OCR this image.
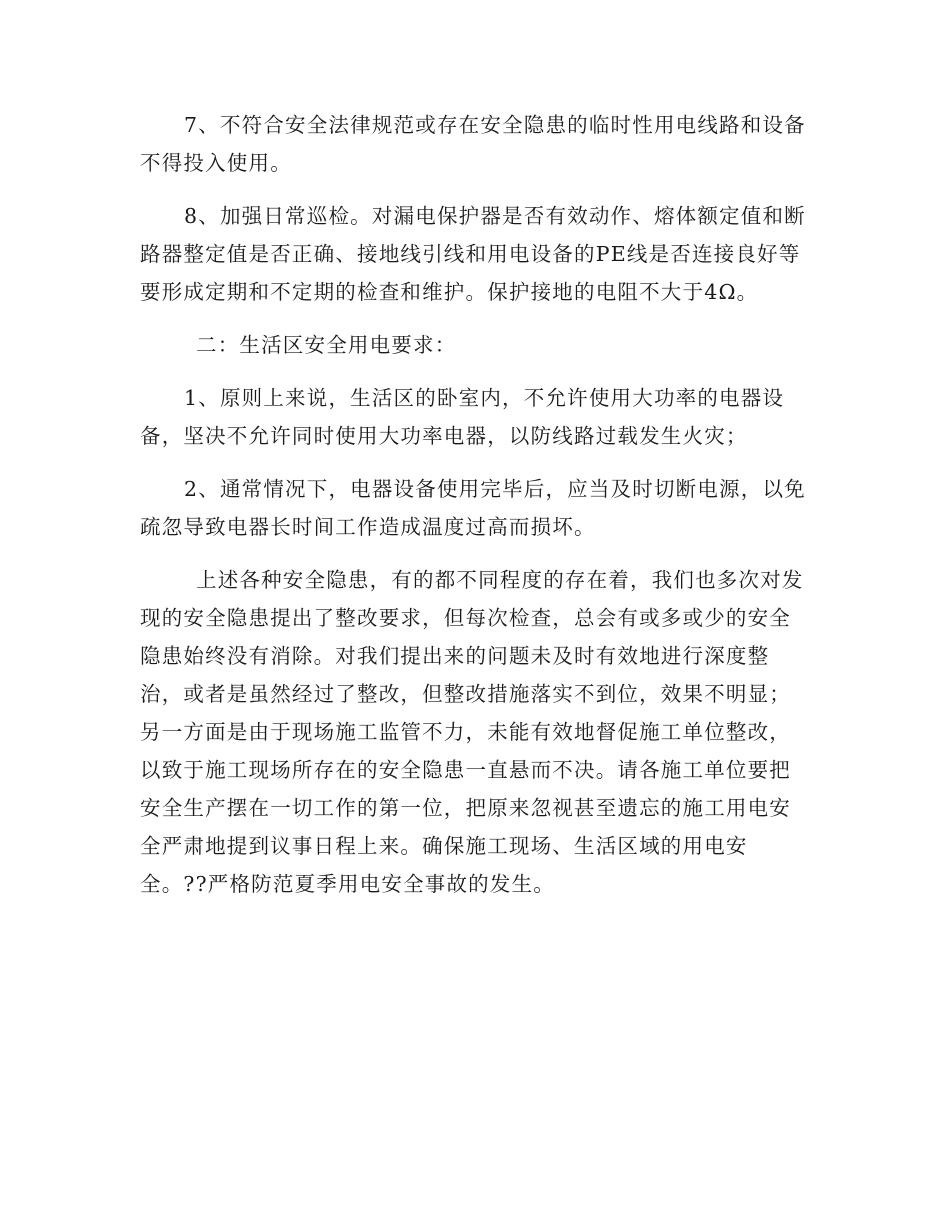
7、不符合安全法律规范或存在安全隐患的临时性用电线路和设备
不得投入使用。
8、加强日常巡检。对漏电保护器是否有效动作、熔体额定值和断
路器整定值是否正确、接地线引线和用电设备的PE线是否连接良好等
要形成定期和不定期的检查和维护。保护接地的电阻不大于4Ω。
二：生活区安全用电要求：
1、原则上来说，生活区的卧室内，不允许使用大功率的电器设
备，坚决不允许同时使用大功率电器，以防线路过载发生火灾；
2、通常情况下，电器设备使用完毕后，应当及时切断电源，以免
疏忽导致电器长时间工作造成温度过高而损坏。
上述各种安全隐患，有的都不同程度的存在着，我们也多次对发
现的安全隐患提出了整改要求，但每次检查，总会有或多或少的安全
隐患始终没有消除。对我们提出来的问题未及时有效地进行深度整
治，或者是虽然经过了整改，但整改措施落实不到位，效果不明显；
另一方面是由于现场施工监管不力，未能有效地督促施工单位整改，
以致于施工现场所存在的安全隐患一直悬而不决。请各施工单位要把
安全生产摆在一切工作的第一位，把原来忽视甚至遗忘的施工用电安
全严肃地提到议事日程上来。确保施工现场、生活区域的用电安
全。??严格防范夏季用电安全事故的发生。
